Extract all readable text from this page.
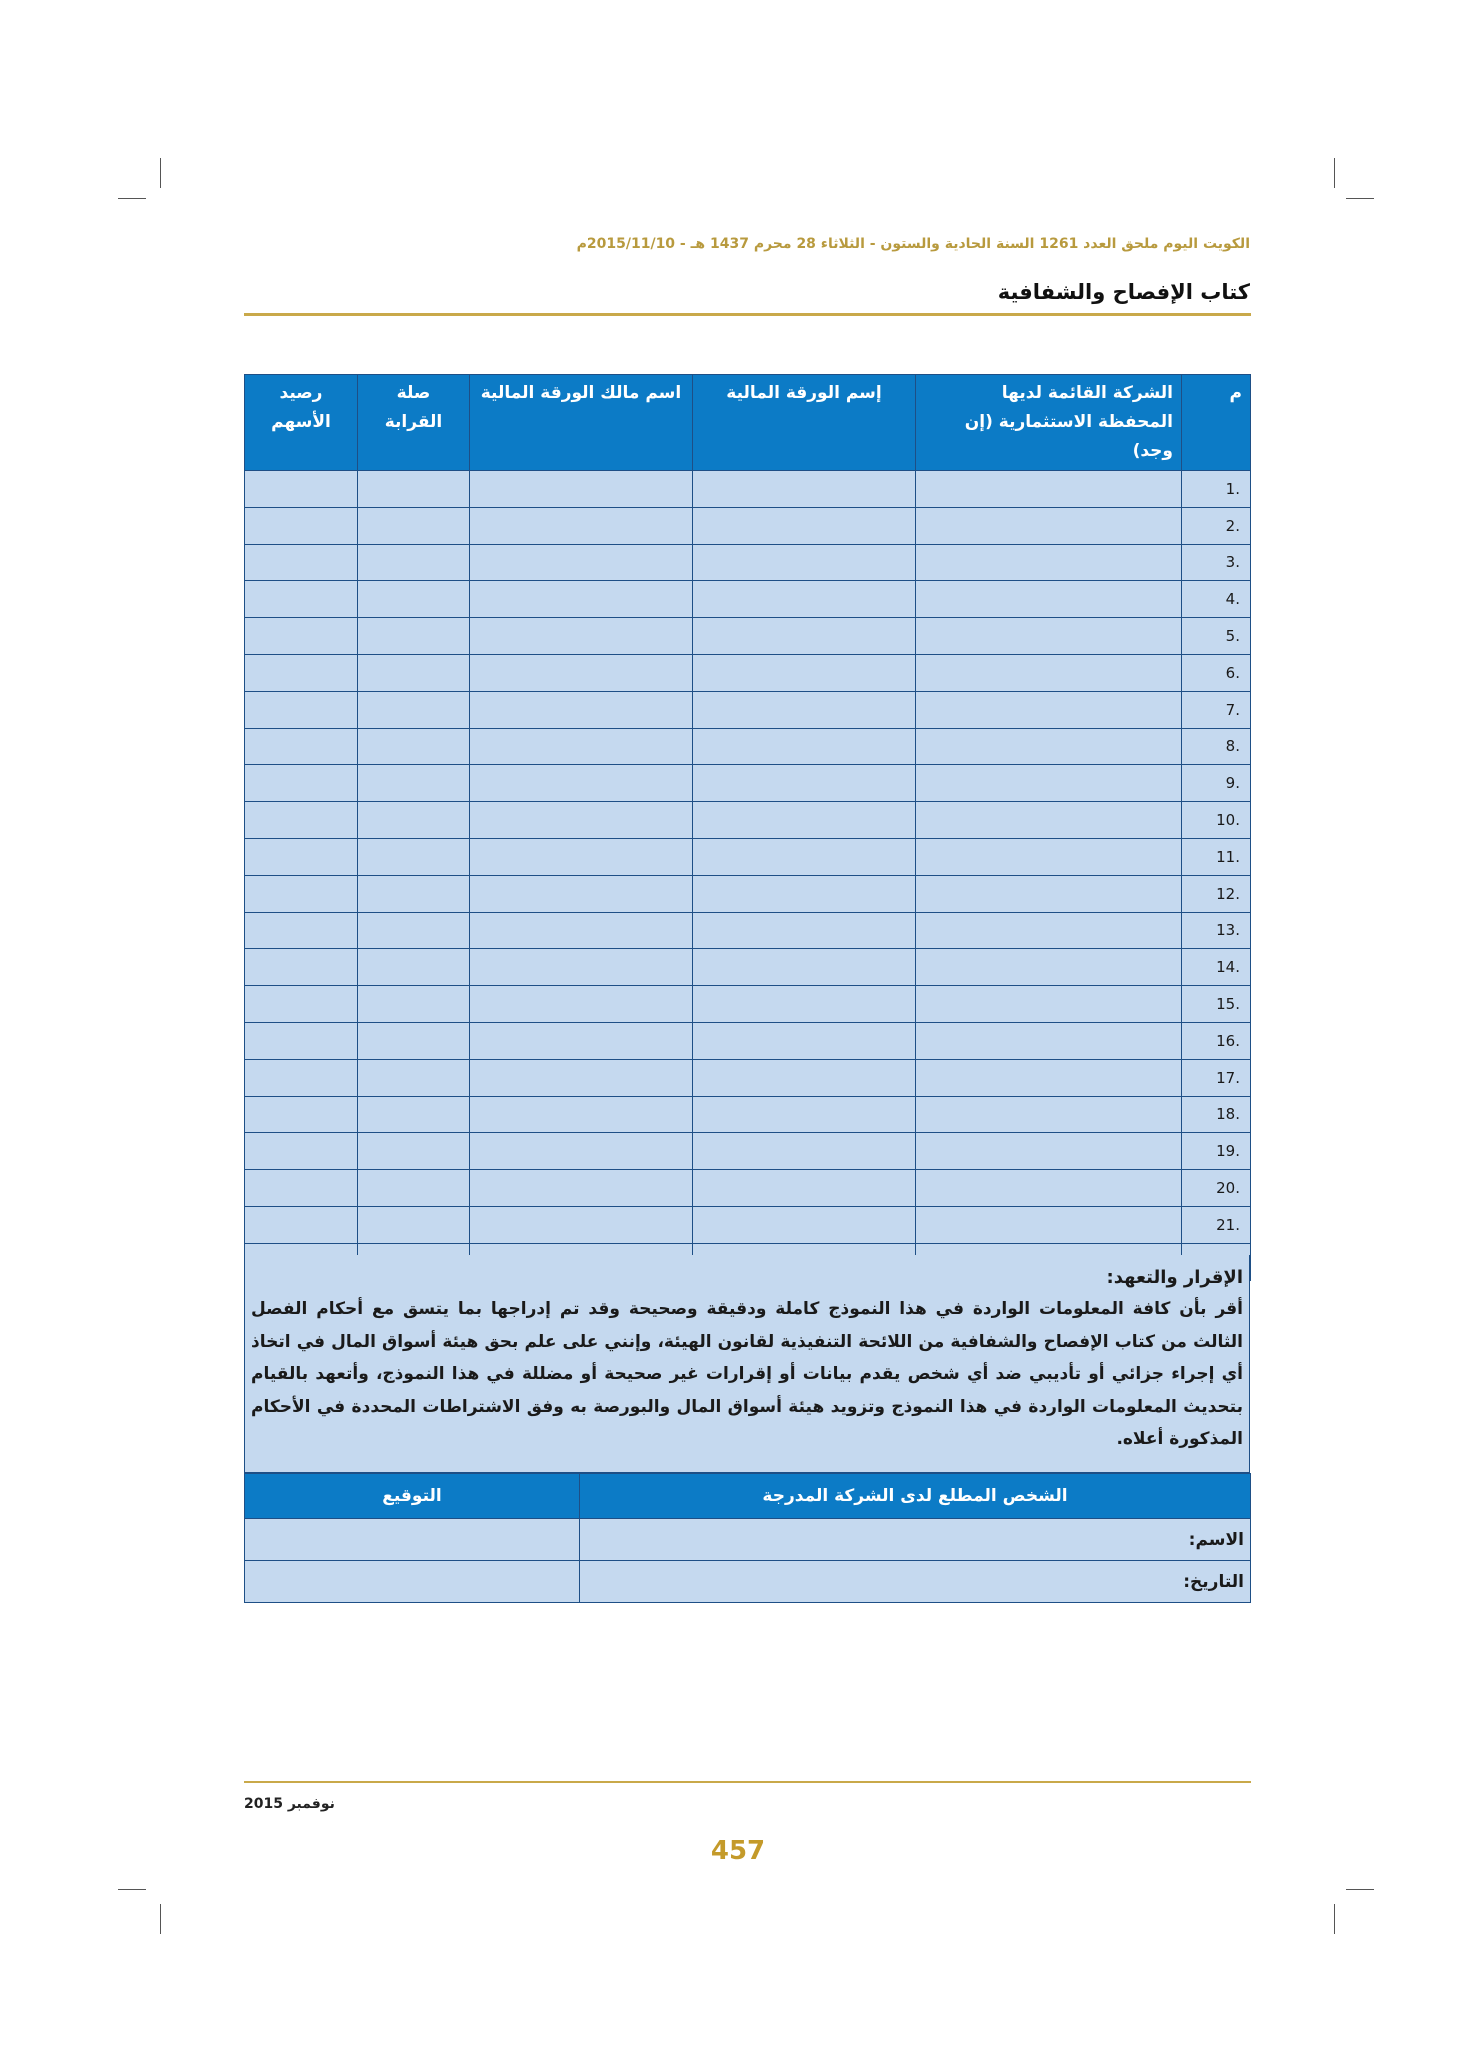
الكويت اليوم ملحق العدد 1261 السنة الحادية والستون - الثلاثاء 28 محرم 1437 هـ - 2015/11/10م
كتاب الإفصاح والشفافية
م	الشركة القائمة لديها المحفظة الاستثمارية (إن وجد)	إسم الورقة المالية	اسم مالك الورقة المالية	صلة القرابة	رصيد الأسهم
.1					
.2					
.3					
.4					
.5					
.6					
.7					
.8					
.9					
.10					
.11					
.12					
.13					
.14					
.15					
.16					
.17					
.18					
.19					
.20					
.21					

الإقرار والتعهد:
أقر بأن كافة المعلومات الواردة في هذا النموذج كاملة ودقيقة وصحيحة وقد تم إدراجها بما يتسق مع أحكام الفصل الثالث من كتاب الإفصاح والشفافية من اللائحة التنفيذية لقانون الهيئة، وإنني على علم بحق هيئة أسواق المال في اتخاذ أي إجراء جزائي أو تأديبي ضد أي شخص يقدم بيانات أو إقرارات غير صحيحة أو مضللة في هذا النموذج، وأتعهد بالقيام بتحديث المعلومات الواردة في هذا النموذج وتزويد هيئة أسواق المال والبورصة به وفق الاشتراطات المحددة في الأحكام المذكورة أعلاه.
الشخص المطلع لدى الشركة المدرجة	التوقيع
الاسم:	
التاريخ:	
نوفمبر 2015
457
